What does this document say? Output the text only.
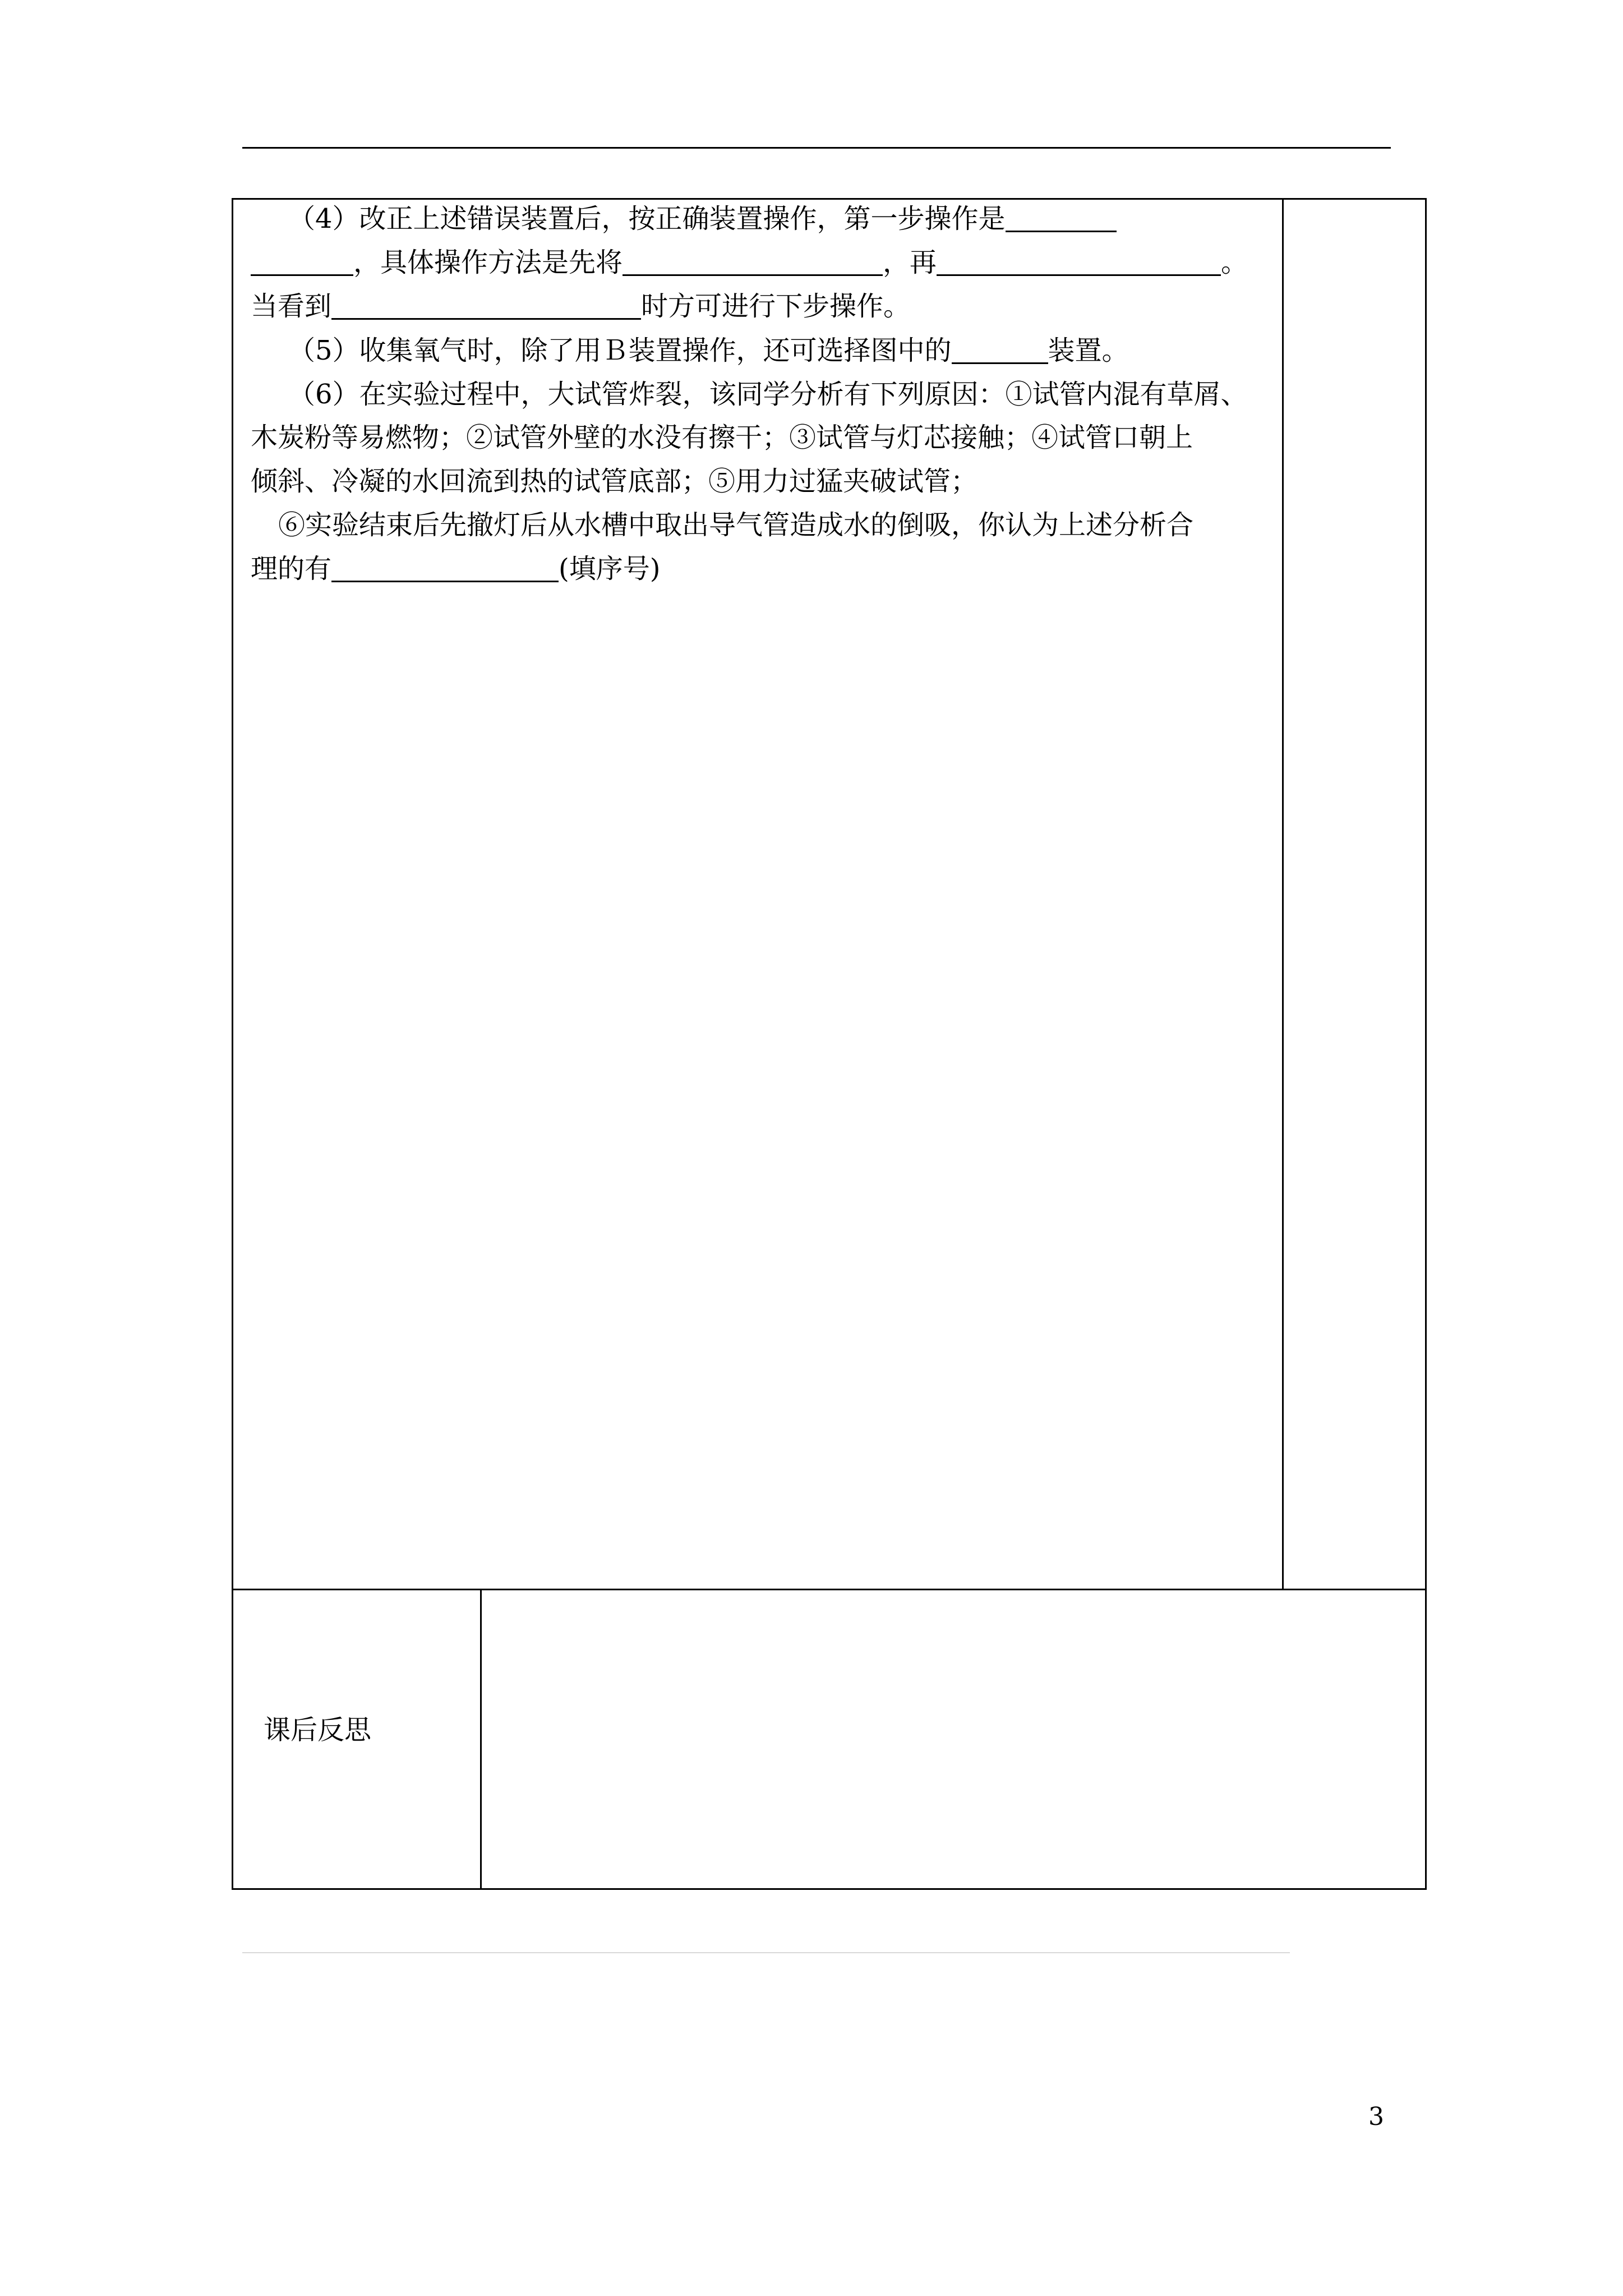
（4）改正上述错误装置后，按正确装置操作，第一步操作是
，具体操作方法是先将	，再	。
当看到	时方可进行下步操作。
（5）收集氧气时，除了用Ｂ装置操作，还可选择图中的	装置。
（6）在实验过程中，大试管炸裂，该同学分析有下列原因：①试管内混有草屑、
木炭粉等易燃物；②试管外壁的水没有擦干；③试管与灯芯接触；④试管口朝上
倾斜、冷凝的水回流到热的试管底部；⑤用力过猛夹破试管；
⑥实验结束后先撤灯后从水槽中取出导气管造成水的倒吸，你认为上述分析合
理的有	(填序号)
课后反思
3
